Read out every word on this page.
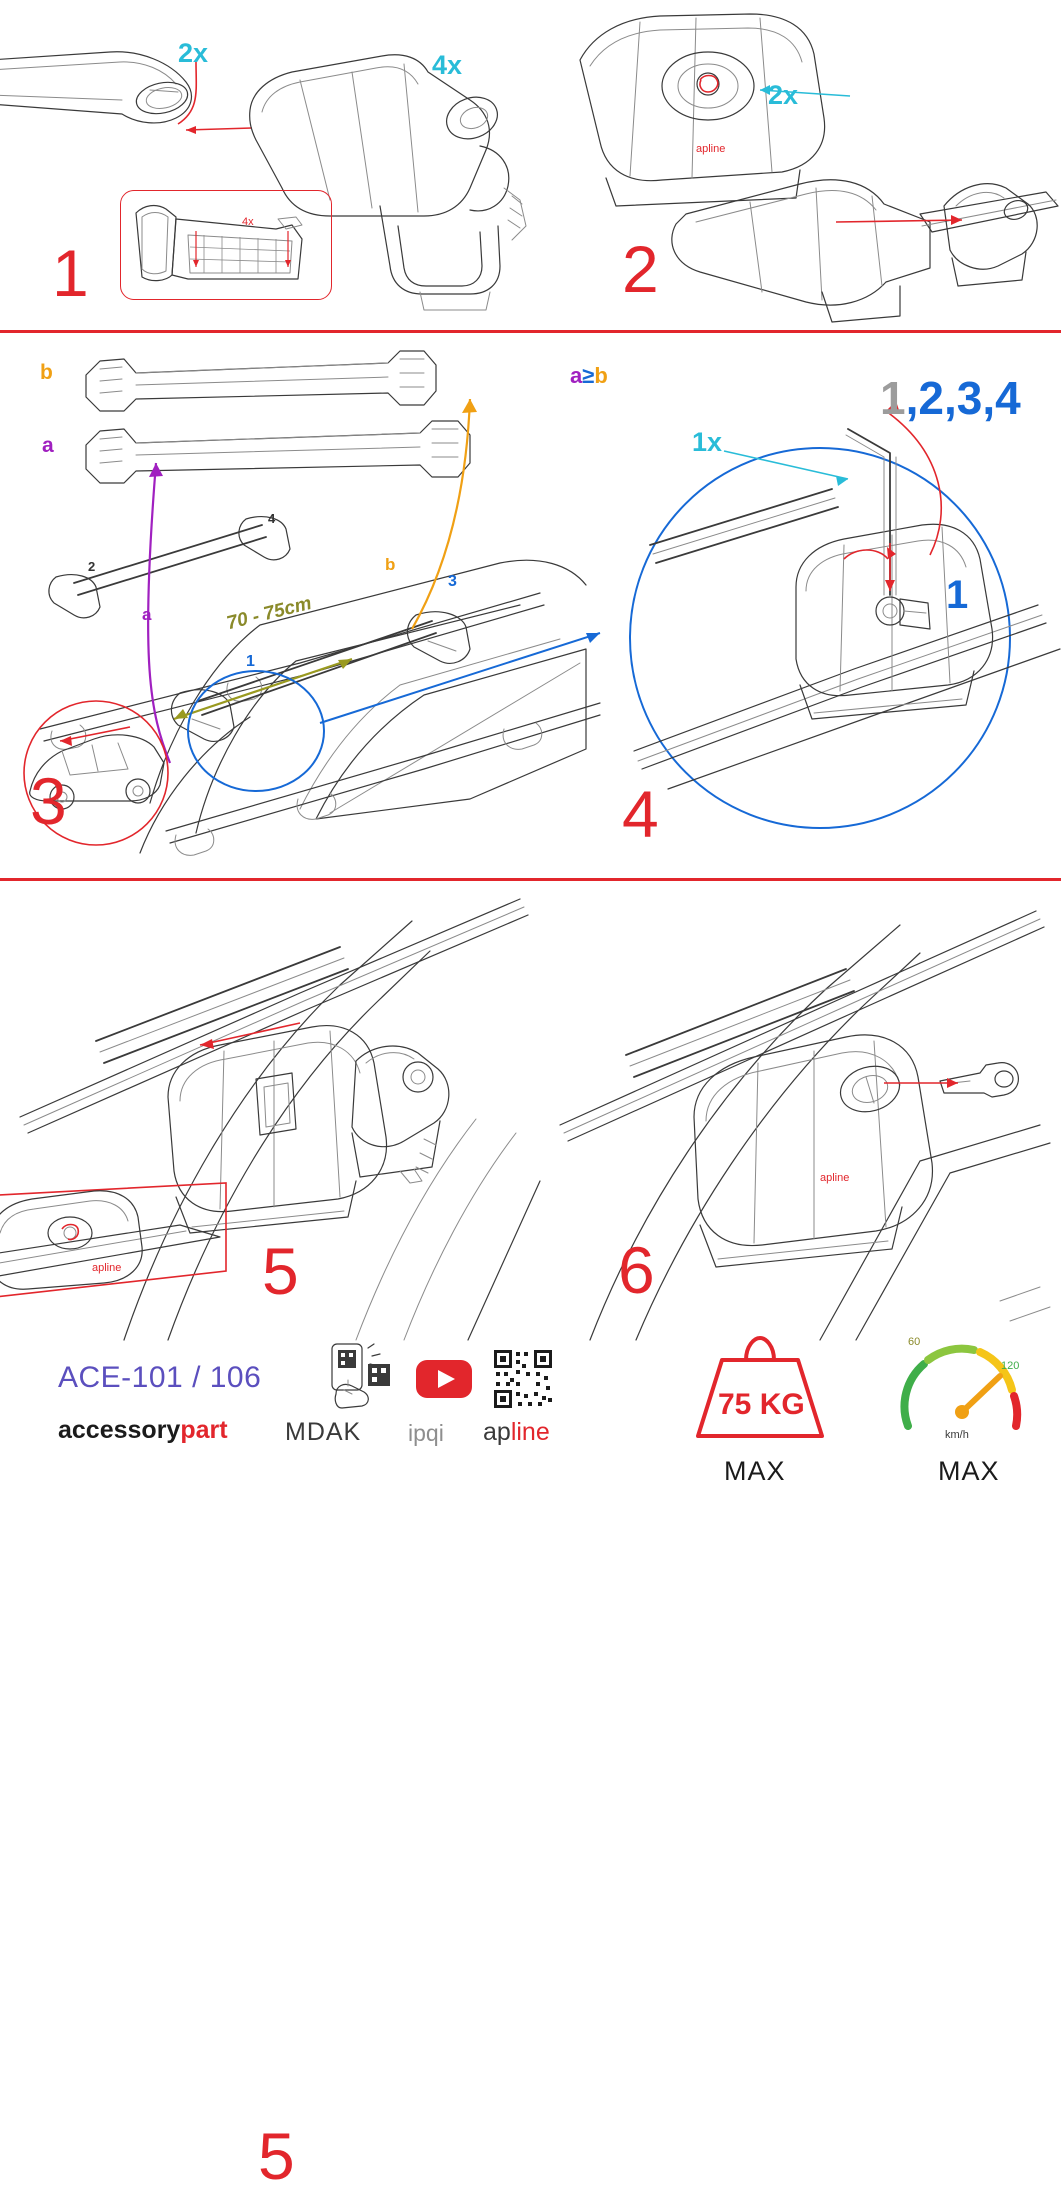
4x
2x	4x
1
apline
2x
2
b
a
a
b
70 - 75cm
1
2
3
4
3
a≥b
1x
1,2,3,4
1
4
apline
5
5
apline
6
ACE-101 / 106
accessorypart MDAK ipqi apline
75 KG
MAX
60
120
km/h
MAX
